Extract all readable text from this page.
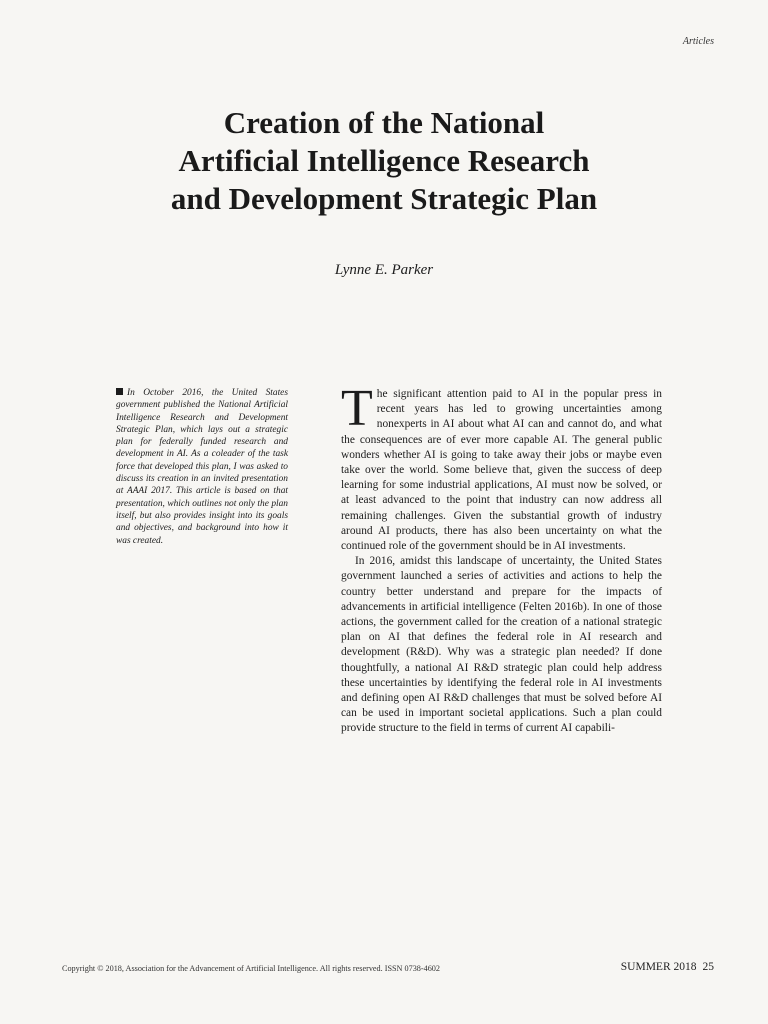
Articles
Creation of the National
Artificial Intelligence Research
and Development Strategic Plan
Lynne E. Parker

In October 2016, the United States government published the National Artificial Intelligence Research and Development Strategic Plan, which lays out a strategic plan for federally funded research and development in AI. As a coleader of the task force that developed this plan, I was asked to discuss its creation in an invited presentation at AAAI 2017. This article is based on that presentation, which outlines not only the plan itself, but also provides insight into its goals and objectives, and background into how it was created.

The significant attention paid to AI in the popular press in recent years has led to growing uncertainties among nonexperts in AI about what AI can and cannot do, and what the consequences are of ever more capable AI. The general public wonders whether AI is going to take away their jobs or maybe even take over the world. Some believe that, given the success of deep learning for some industrial applications, AI must now be solved, or at least advanced to the point that industry can now address all remaining challenges. Given the substantial growth of industry around AI products, there has also been uncertainty on what the continued role of the government should be in AI investments.

In 2016, amidst this landscape of uncertainty, the United States government launched a series of activities and actions to help the country better understand and prepare for the impacts of advancements in artificial intelligence (Felten 2016b). In one of those actions, the government called for the creation of a national strategic plan on AI that defines the federal role in AI research and development (R&D). Why was a strategic plan needed? If done thoughtfully, a national AI R&D strategic plan could help address these uncertainties by identifying the federal role in AI investments and defining open AI R&D challenges that must be solved before AI can be used in important societal applications. Such a plan could provide structure to the field in terms of current AI capabili-

Copyright © 2018, Association for the Advancement of Artificial Intelligence. All rights reserved. ISSN 0738-4602	SUMMER 2018 25
